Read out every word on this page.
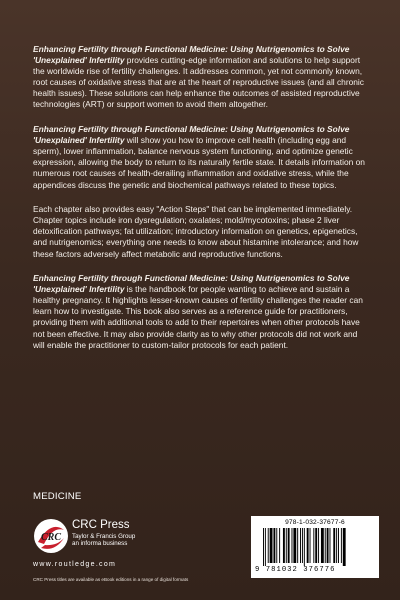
Enhancing Fertility through Functional Medicine: Using Nutrigenomics to Solve 'Unexplained' Infertility provides cutting-edge information and solutions to help support the worldwide rise of fertility challenges. It addresses common, yet not commonly known, root causes of oxidative stress that are at the heart of reproductive issues (and all chronic health issues). These solutions can help enhance the outcomes of assisted reproductive technologies (ART) or support women to avoid them altogether.

Enhancing Fertility through Functional Medicine: Using Nutrigenomics to Solve 'Unexplained' Infertility will show you how to improve cell health (including egg and sperm), lower inflammation, balance nervous system functioning, and optimize genetic expression, allowing the body to return to its naturally fertile state. It details information on numerous root causes of health-derailing inflammation and oxidative stress, while the appendices discuss the genetic and biochemical pathways related to these topics.

Each chapter also provides easy "Action Steps" that can be implemented immediately. Chapter topics include iron dysregulation; oxalates; mold/mycotoxins; phase 2 liver detoxification pathways; fat utilization; introductory information on genetics, epigenetics, and nutrigenomics; everything one needs to know about histamine intolerance; and how these factors adversely affect metabolic and reproductive functions.

Enhancing Fertility through Functional Medicine: Using Nutrigenomics to Solve 'Unexplained' Infertility is the handbook for people wanting to achieve and sustain a healthy pregnancy. It highlights lesser-known causes of fertility challenges the reader can learn how to investigate. This book also serves as a reference guide for practitioners, providing them with additional tools to add to their repertoires when other protocols have not been effective. It may also provide clarity as to why other protocols did not work and will enable the practitioner to custom-tailor protocols for each patient.

MEDICINE
CRC
CRC Press
Taylor & Francis Group
an informa business
www.routledge.com
CRC Press titles are available as eBook editions in a range of digital formats
978-1-032-37677-6
9 781032 376776
